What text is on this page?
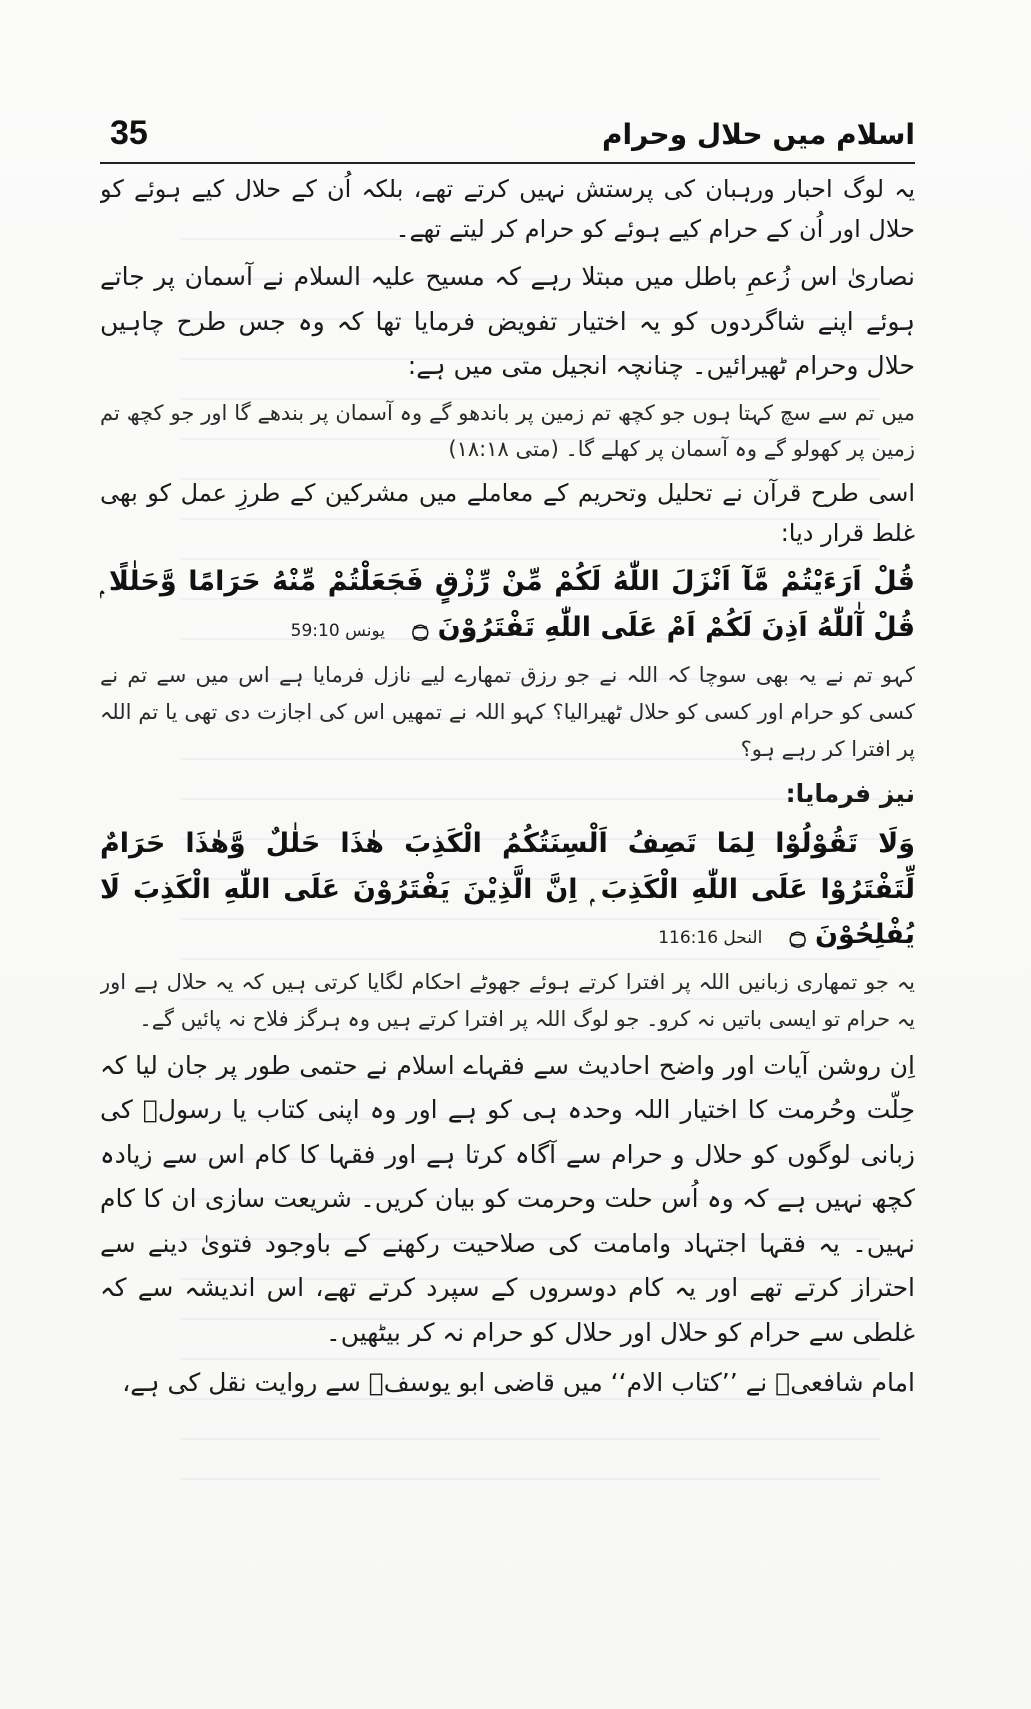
35	اسلام میں حلال وحرام

یہ لوگ احبار ورہبان کی پرستش نہیں کرتے تھے، بلکہ اُن کے حلال کیے ہوئے کو حلال اور اُن کے حرام کیے ہوئے کو حرام کر لیتے تھے۔

نصاریٰ اس زُعمِ باطل میں مبتلا رہے کہ مسیح علیہ السلام نے آسمان پر جاتے ہوئے اپنے شاگردوں کو یہ اختیار تفویض فرمایا تھا کہ وہ جس طرح چاہیں حلال وحرام ٹھیرائیں۔ چنانچہ انجیل متی میں ہے:

میں تم سے سچ کہتا ہوں جو کچھ تم زمین پر باندھو گے وہ آسمان پر بندھے گا اور جو کچھ تم زمین پر کھولو گے وہ آسمان پر کھلے گا۔ (متی ۱۸:۱۸)

اسی طرح قرآن نے تحلیل وتحریم کے معاملے میں مشرکین کے طرزِ عمل کو بھی غلط قرار دیا:

قُلْ اَرَءَيْتُمْ مَّآ اَنْزَلَ اللّٰهُ لَكُمْ مِّنْ رِّزْقٍ فَجَعَلْتُمْ مِّنْهُ حَرَامًا وَّحَلٰلًا ۭ قُلْ آٰللّٰهُ اَذِنَ لَكُمْ اَمْ عَلَى اللّٰهِ تَفْتَرُوْنَ ۝ یونس 59:10

کہو تم نے یہ بھی سوچا کہ اللہ نے جو رزق تمھارے لیے نازل فرمایا ہے اس میں سے تم نے کسی کو حرام اور کسی کو حلال ٹھیرالیا؟ کہو اللہ نے تمھیں اس کی اجازت دی تھی یا تم اللہ پر افترا کر رہے ہو؟

نیز فرمایا:

وَلَا تَقُوْلُوْا لِمَا تَصِفُ اَلْسِنَتُكُمُ الْكَذِبَ هٰذَا حَلٰلٌ وَّهٰذَا حَرَامٌ لِّتَفْتَرُوْا عَلَى اللّٰهِ الْكَذِبَ ۭ اِنَّ الَّذِيْنَ يَفْتَرُوْنَ عَلَى اللّٰهِ الْكَذِبَ لَا يُفْلِحُوْنَ ۝ النحل 116:16

یہ جو تمھاری زبانیں اللہ پر افترا کرتے ہوئے جھوٹے احکام لگایا کرتی ہیں کہ یہ حلال ہے اور یہ حرام تو ایسی باتیں نہ کرو۔ جو لوگ اللہ پر افترا کرتے ہیں وہ ہرگز فلاح نہ پائیں گے۔

اِن روشن آیات اور واضح احادیث سے فقہاے اسلام نے حتمی طور پر جان لیا کہ حِلّت وحُرمت کا اختیار اللہ وحدہ ہی کو ہے اور وہ اپنی کتاب یا رسولؐ کی زبانی لوگوں کو حلال و حرام سے آگاہ کرتا ہے اور فقہا کا کام اس سے زیادہ کچھ نہیں ہے کہ وہ اُس حلت وحرمت کو بیان کریں۔ شریعت سازی ان کا کام نہیں۔ یہ فقہا اجتہاد وامامت کی صلاحیت رکھنے کے باوجود فتویٰ دینے سے احتراز کرتے تھے اور یہ کام دوسروں کے سپرد کرتے تھے، اس اندیشہ سے کہ غلطی سے حرام کو حلال اور حلال کو حرام نہ کر بیٹھیں۔

امام شافعیؒ نے ’’کتاب الام‘‘ میں قاضی ابو یوسفؒ سے روایت نقل کی ہے،
